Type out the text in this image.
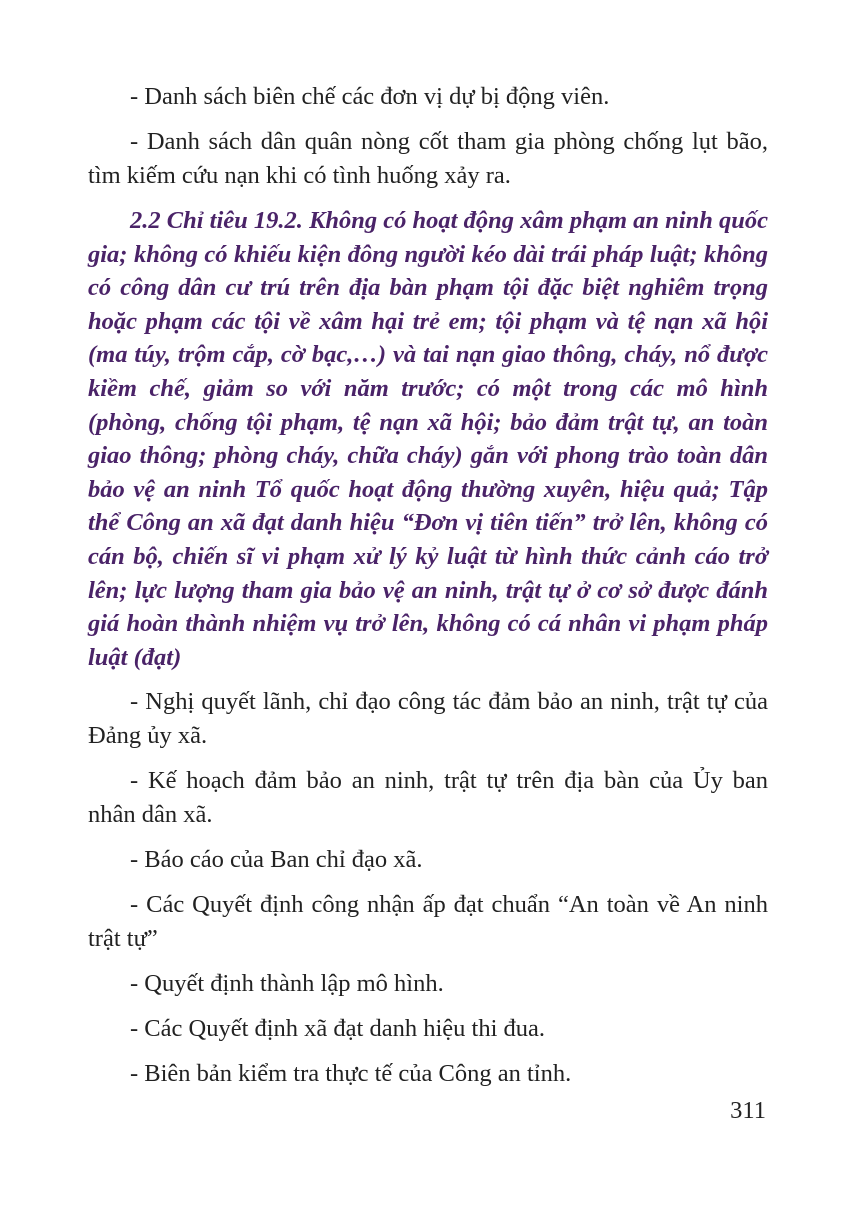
- Danh sách biên chế các đơn vị dự bị động viên.

- Danh sách dân quân nòng cốt tham gia phòng chống lụt bão, tìm kiếm cứu nạn khi có tình huống xảy ra.

2.2 Chỉ tiêu 19.2. Không có hoạt động xâm phạm an ninh quốc gia; không có khiếu kiện đông người kéo dài trái pháp luật; không có công dân cư trú trên địa bàn phạm tội đặc biệt nghiêm trọng hoặc phạm các tội về xâm hại trẻ em; tội phạm và tệ nạn xã hội (ma túy, trộm cắp, cờ bạc,…) và tai nạn giao thông, cháy, nổ được kiềm chế, giảm so với năm trước; có một trong các mô hình (phòng, chống tội phạm, tệ nạn xã hội; bảo đảm trật tự, an toàn giao thông; phòng cháy, chữa cháy) gắn với phong trào toàn dân bảo vệ an ninh Tổ quốc hoạt động thường xuyên, hiệu quả; Tập thể Công an xã đạt danh hiệu “Đơn vị tiên tiến” trở lên, không có cán bộ, chiến sĩ vi phạm xử lý kỷ luật từ hình thức cảnh cáo trở lên; lực lượng tham gia bảo vệ an ninh, trật tự ở cơ sở được đánh giá hoàn thành nhiệm vụ trở lên, không có cá nhân vi phạm pháp luật (đạt)

- Nghị quyết lãnh, chỉ đạo công tác đảm bảo an ninh, trật tự của Đảng ủy xã.

- Kế hoạch đảm bảo an ninh, trật tự trên địa bàn của Ủy ban nhân dân xã.

- Báo cáo của Ban chỉ đạo xã.

- Các Quyết định công nhận ấp đạt chuẩn “An toàn về An ninh trật tự”

- Quyết định thành lập mô hình.

- Các Quyết định xã đạt danh hiệu thi đua.

- Biên bản kiểm tra thực tế của Công an tỉnh.

311
